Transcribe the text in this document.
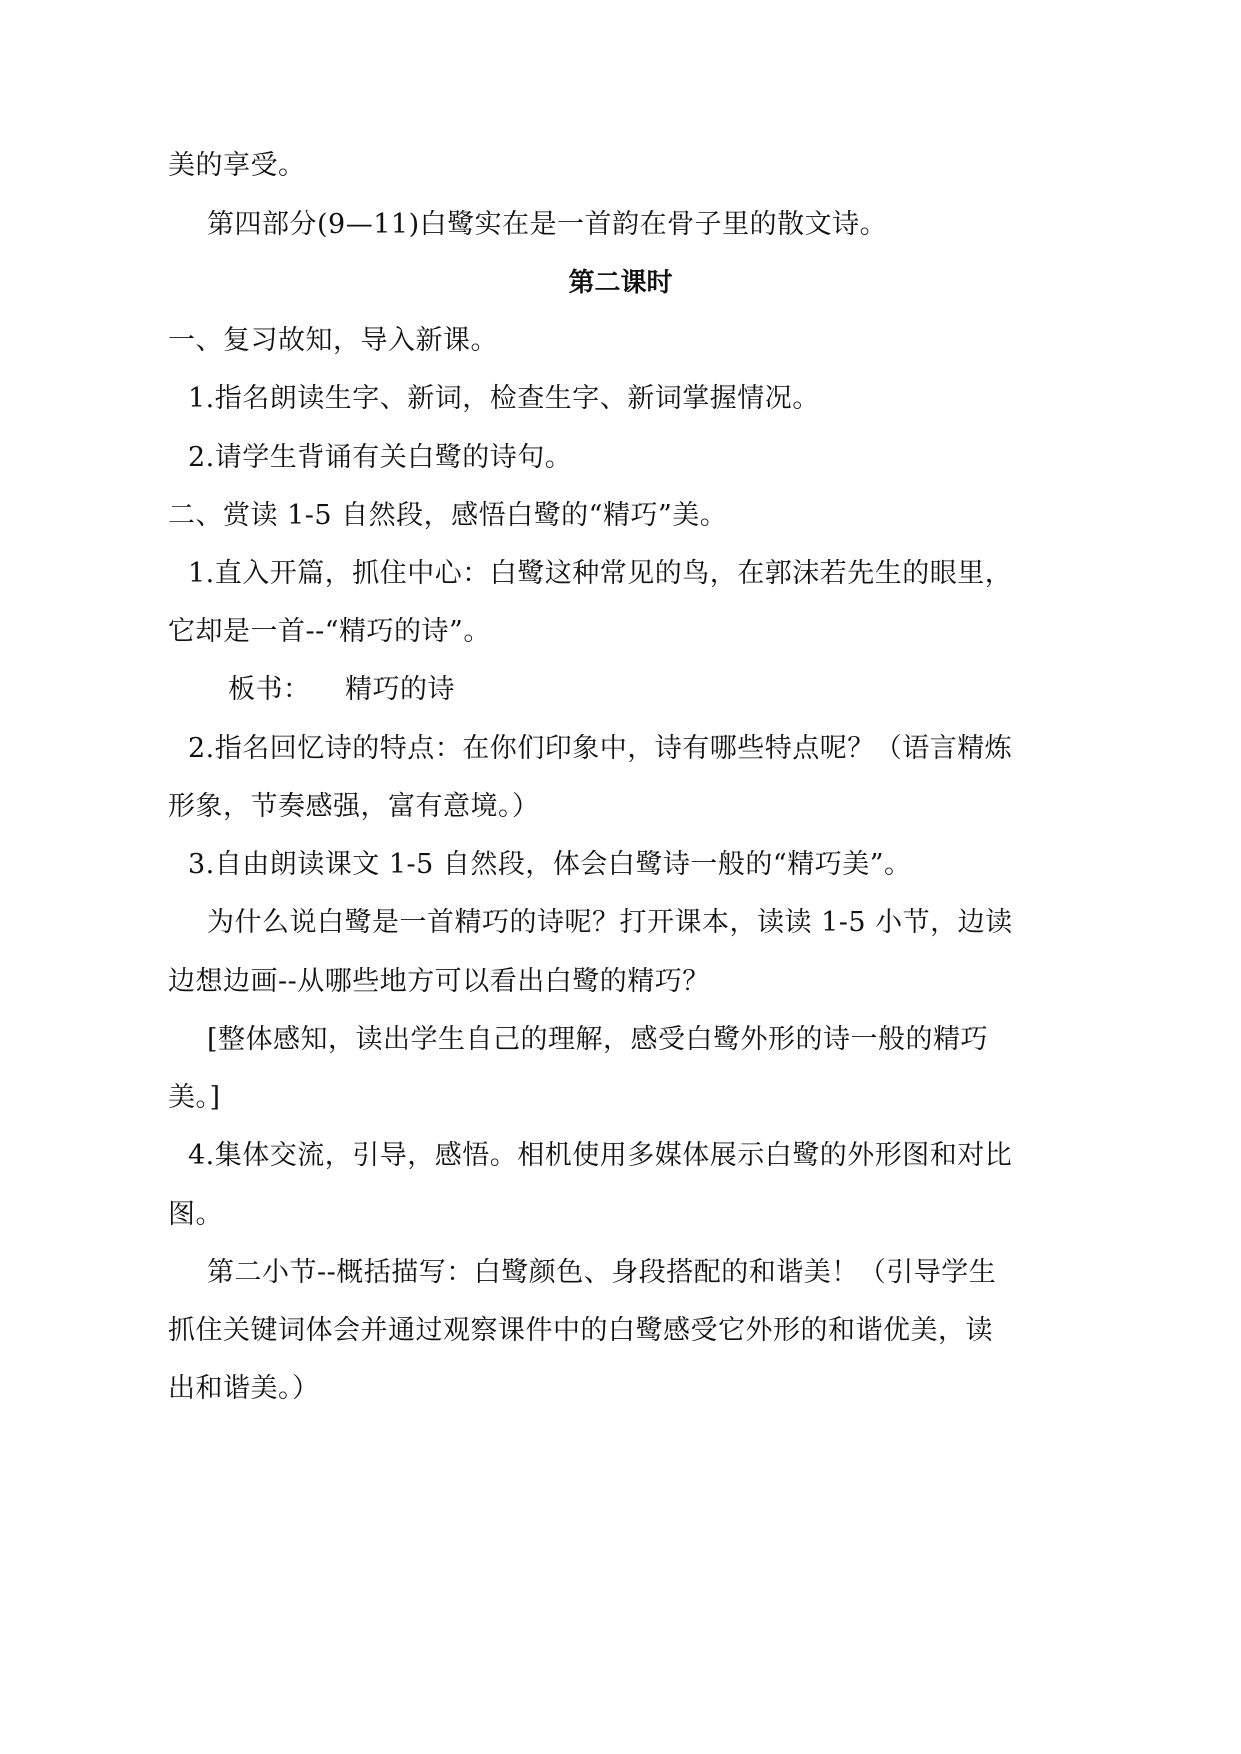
美的享受。
第四部分(9—11)白鹭实在是一首韵在骨子里的散文诗。
第二课时
一、复习故知，导入新课。
1.指名朗读生字、新词，检查生字、新词掌握情况。
2.请学生背诵有关白鹭的诗句。
二、赏读 1-5 自然段，感悟白鹭的“精巧”美。
1.直入开篇，抓住中心：白鹭这种常见的鸟，在郭沫若先生的眼里，
它却是一首--“精巧的诗”。
板书： 精巧的诗
2.指名回忆诗的特点：在你们印象中，诗有哪些特点呢？（语言精炼
形象，节奏感强，富有意境。）
3.自由朗读课文 1-5 自然段，体会白鹭诗一般的“精巧美”。
为什么说白鹭是一首精巧的诗呢？打开课本，读读 1-5 小节，边读
边想边画--从哪些地方可以看出白鹭的精巧？
[整体感知，读出学生自己的理解，感受白鹭外形的诗一般的精巧
美。]
4.集体交流，引导，感悟。相机使用多媒体展示白鹭的外形图和对比
图。
第二小节--概括描写：白鹭颜色、身段搭配的和谐美！（引导学生
抓住关键词体会并通过观察课件中的白鹭感受它外形的和谐优美，读
出和谐美。）
